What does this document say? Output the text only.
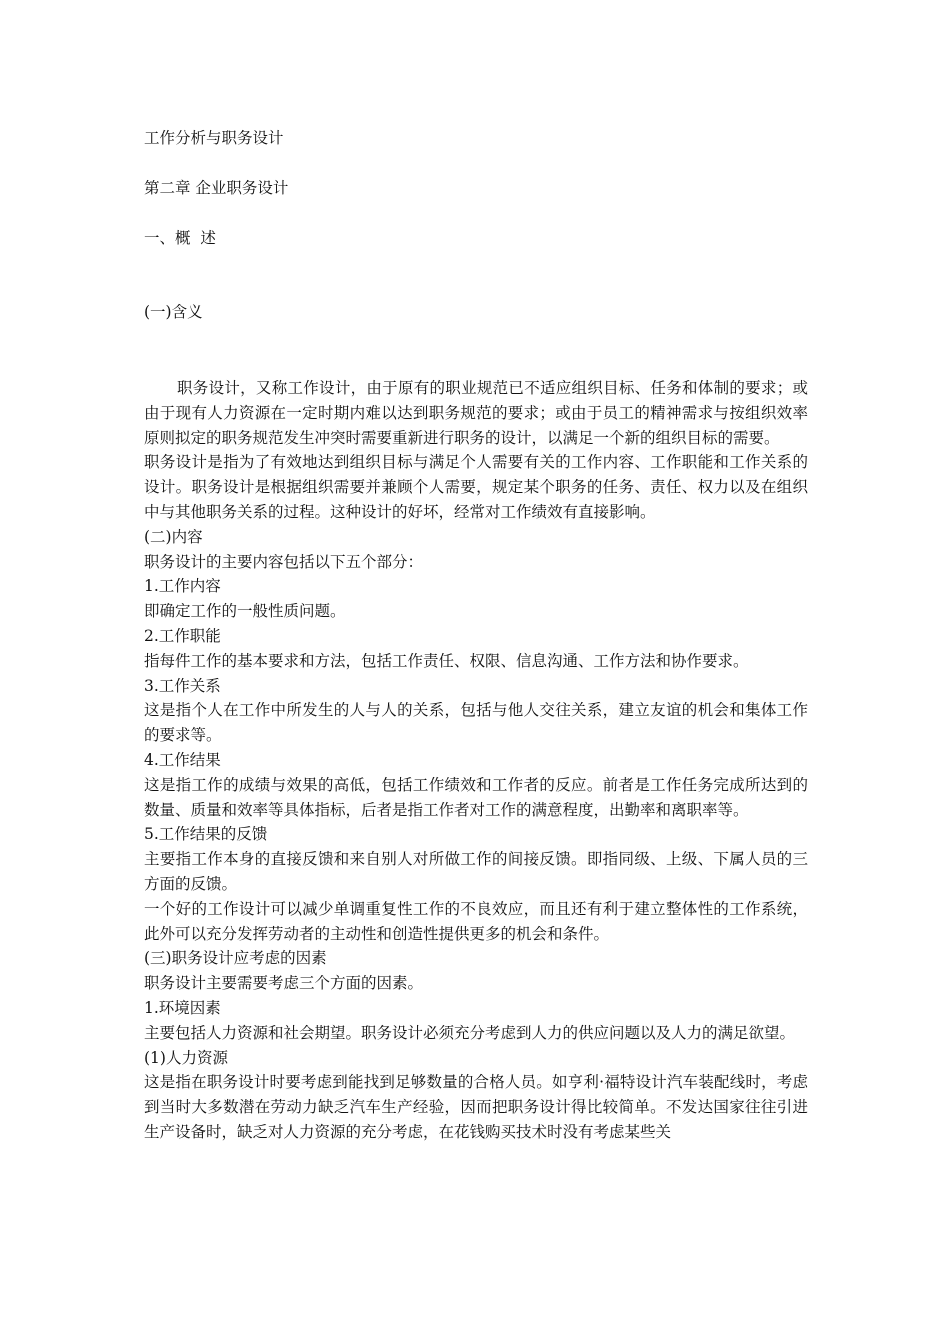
工作分析与职务设计

第二章 企业职务设计

一、概  述

(一)含义

职务设计，又称工作设计，由于原有的职业规范已不适应组织目标、任务和体制的要求；或由于现有人力资源在一定时期内难以达到职务规范的要求；或由于员工的精神需求与按组织效率原则拟定的职务规范发生冲突时需要重新进行职务的设计，以满足一个新的组织目标的需要。

职务设计是指为了有效地达到组织目标与满足个人需要有关的工作内容、工作职能和工作关系的设计。职务设计是根据组织需要并兼顾个人需要，规定某个职务的任务、责任、权力以及在组织中与其他职务关系的过程。这种设计的好坏，经常对工作绩效有直接影响。

(二)内容

职务设计的主要内容包括以下五个部分：

1.工作内容

即确定工作的一般性质问题。

2.工作职能

指每件工作的基本要求和方法，包括工作责任、权限、信息沟通、工作方法和协作要求。

3.工作关系

这是指个人在工作中所发生的人与人的关系，包括与他人交往关系，建立友谊的机会和集体工作的要求等。

4.工作结果

这是指工作的成绩与效果的高低，包括工作绩效和工作者的反应。前者是工作任务完成所达到的数量、质量和效率等具体指标，后者是指工作者对工作的满意程度，出勤率和离职率等。

5.工作结果的反馈

主要指工作本身的直接反馈和来自别人对所做工作的间接反馈。即指同级、上级、下属人员的三方面的反馈。

一个好的工作设计可以减少单调重复性工作的不良效应，而且还有利于建立整体性的工作系统，此外可以充分发挥劳动者的主动性和创造性提供更多的机会和条件。

(三)职务设计应考虑的因素

职务设计主要需要考虑三个方面的因素。

1.环境因素

主要包括人力资源和社会期望。职务设计必须充分考虑到人力的供应问题以及人力的满足欲望。

(1)人力资源

这是指在职务设计时要考虑到能找到足够数量的合格人员。如亨利·福特设计汽车装配线时，考虑到当时大多数潜在劳动力缺乏汽车生产经验，因而把职务设计得比较简单。不发达国家往往引进生产设备时，缺乏对人力资源的充分考虑，在花钱购买技术时没有考虑某些关
